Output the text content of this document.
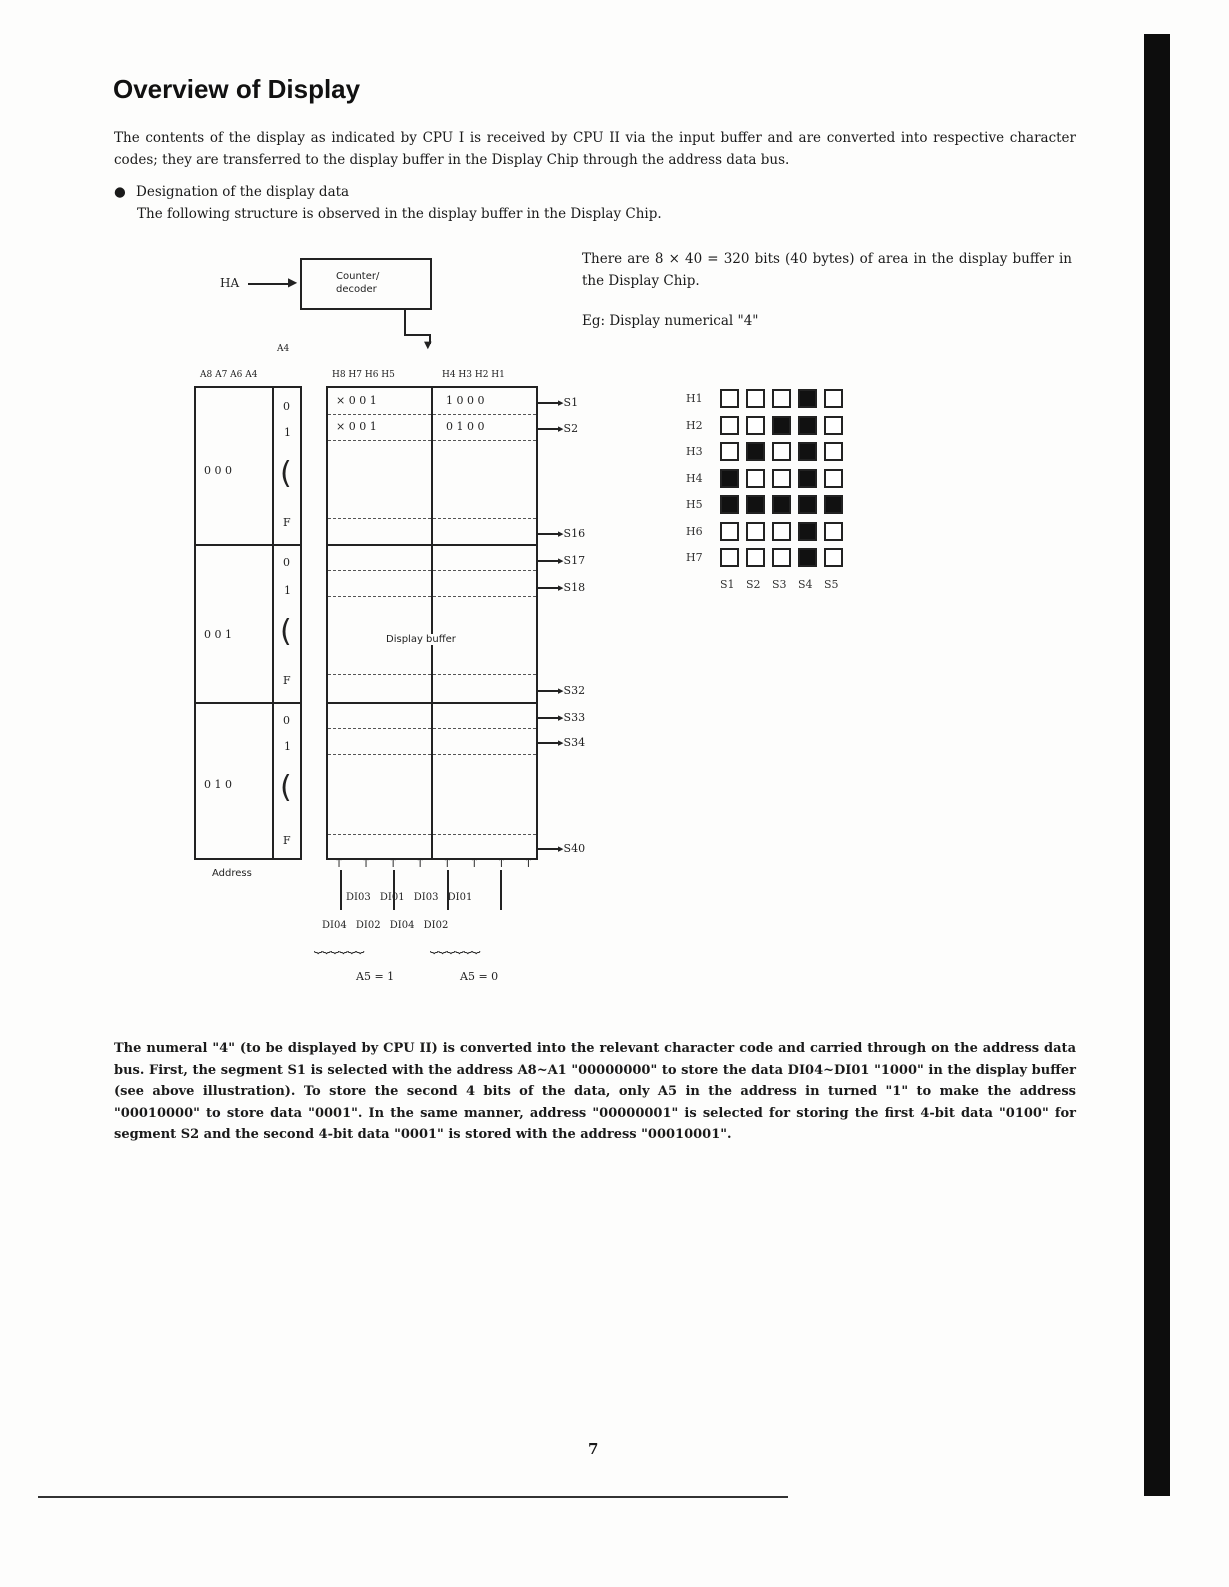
Overview of Display

The contents of the display as indicated by CPU I is received by CPU II via the input buffer and are converted into respective character codes; they are transferred to the display buffer in the Display Chip through the address data bus.

● Designation of the display data
The following structure is observed in the display buffer in the Display Chip.

There are 8 × 40 = 320 bits (40 bytes) of area in the display buffer in the Display Chip.

Eg: Display numerical "4"
HA	▶	Counter/
decoder
▼
A4
A8 A7 A6 A4	H8 H7 H6 H5	H4 H3 H2 H1
0 0 0
0 0 1
0 1 0
0
1
(
F
0
1
(
F
0
1
(
F
Address
× 0 0 1	1 0 0 0
× 0 0 1	0 1 0 0
Display buffer
▸S1
▸S2
▸S16
▸S17
▸S18
▸S32
▸S33
▸S34
▸S40
↑↑↑↑↑↑↑↑
DI03 DI01 DI03 DI01
DI04 DI02 DI04 DI02
⏟⏟⏟⏟⏟⏟	⏟⏟⏟⏟⏟⏟
A5 = 1	A5 = 0
H1
H2
H3
H4
H5
H6
H7
S1 S2 S3 S4 S5

The numeral "4" (to be displayed by CPU II) is converted into the relevant character code and carried through on the address data bus. First, the segment S1 is selected with the address A8~A1 "00000000" to store the data DI04~DI01 "1000" in the display buffer (see above illustration). To store the second 4 bits of the data, only A5 in the address in turned "1" to make the address "00010000" to store data "0001". In the same manner, address "00000001" is selected for storing the first 4-bit data "0100" for segment S2 and the second 4-bit data "0001" is stored with the address "00010001".

7
